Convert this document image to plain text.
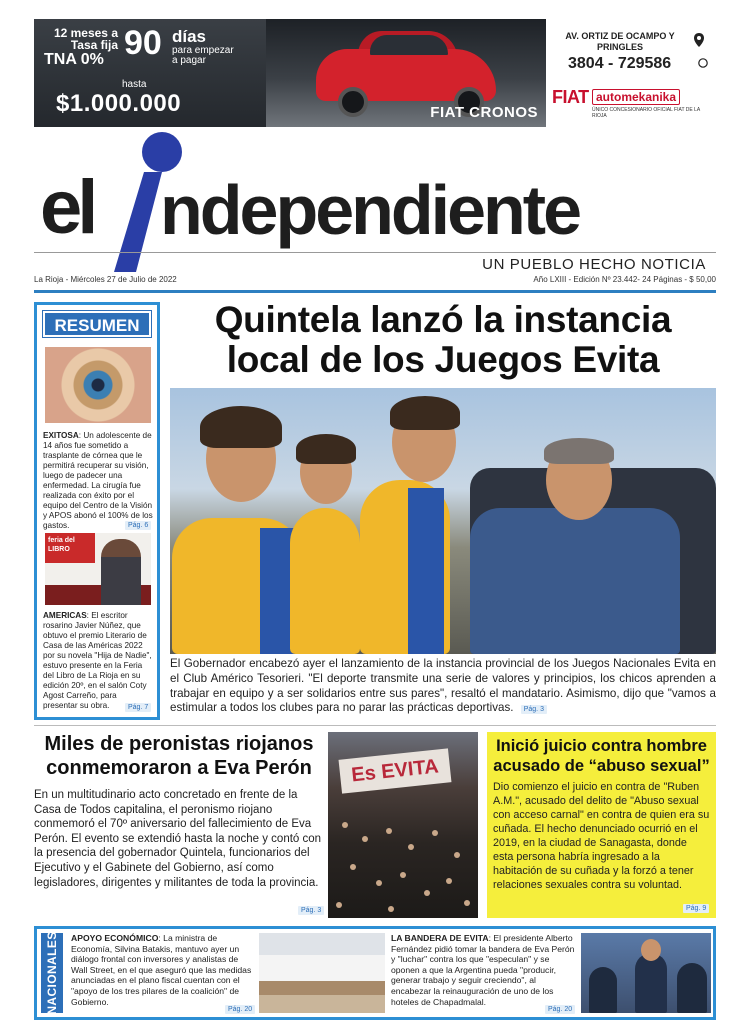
12 meses a
Tasa fija
TNA 0% 90 días
para empezar a pagar
hasta
$1.000.000	FIAT CRONOS
AV. ORTIZ DE OCAMPO Y PRINGLES
3804 - 729586
FIAT automekanika
ÚNICO CONCESIONARIO OFICIAL FIAT DE LA RIOJA
el ndependiente
UN PUEBLO HECHO NOTICIA
La Rioja - Miércoles 27 de Julio de 2022	Año LXIII - Edición Nº 23.442- 24 Páginas - $ 50,00
RESUMEN
EXITOSA: Un adolescente de 14 años fue sometido a trasplante de córnea que le permitirá recuperar su visión, luego de padecer una enfermedad. La cirugía fue realizada con éxito por el equipo del Centro de la Visión y APOS abonó el 100% de los gastos.	Pág. 6
feria del LIBRO
AMERICAS: El escritor rosarino Javier Núñez, que obtuvo el premio Literario de Casa de las Américas 2022 por su novela "Hija de Nadie", estuvo presente en la Feria del Libro de La Rioja en su edición 20º, en el salón Coty Agost Carreño, para presentar su obra.	Pág. 7
Quintela lanzó la instancia local de los Juegos Evita
El Gobernador encabezó ayer el lanzamiento de la instancia provincial de los Juegos Nacionales Evita en el Club Américo Tesorieri. "El deporte transmite una serie de valores y principios, los chicos aprenden a trabajar en equipo y a ser solidarios entre sus pares", resaltó el mandatario. Asimismo, dijo que "vamos a estimular a todos los clubes para no parar las prácticas deportivas. Pág. 3
Miles de peronistas riojanos conmemoraron a Eva Perón
En un multitudinario acto concretado en frente de la Casa de Todos capitalina, el peronismo riojano conmemoró el 70º aniversario del fallecimiento de Eva Perón. El evento se extendió hasta la noche y contó con la presencia del gobernador Quintela, funcionarios del Ejecutivo y el Gabinete del Gobierno, así como legisladores, dirigentes y militantes de toda la provincia.
Pág. 3
Es EVITA
Inició juicio contra hombre acusado de “abuso sexual”
Dio comienzo el juicio en contra de "Ruben A.M.", acusado del delito de "Abuso sexual con acceso carnal" en contra de quien era su cuñada. El hecho denunciado ocurrió en el 2019, en la ciudad de Sanagasta, donde esta persona habría ingresado a la habitación de su cuñada y la forzó a tener relaciones sexuales contra su voluntad.
Pág. 9
NACIONALES APOYO ECONÓMICO: La ministra de Economía, Silvina Batakis, mantuvo ayer un diálogo frontal con inversores y analistas de Wall Street, en el que aseguró que las medidas anunciadas en el plano fiscal cuentan con el "apoyo de los tres pilares de la coalición" de Gobierno.
Pág. 20
LA BANDERA DE EVITA: El presidente Alberto Fernández pidió tomar la bandera de Eva Perón y "luchar" contra los que "especulan" y se oponen a que la Argentina pueda "producir, generar trabajo y seguir creciendo", al encabezar la reinauguración de uno de los hoteles de Chapadmalal.
Pág. 20
